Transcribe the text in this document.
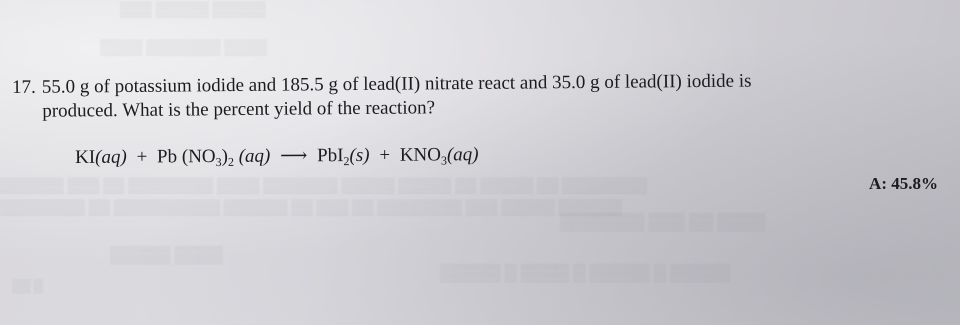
▒▒▒ ▒▒▒▒▒ ▒▒▒▒▒
▒▒▒▒ ▒▒▒▒▒▒▒ ▒▒▒▒
▒▒▒▒▒▒ ▒▒▒ ▒▒ ▒▒▒▒▒▒▒▒ ▒▒▒▒ ▒▒▒▒▒▒▒ ▒▒▒▒▒ ▒▒▒▒▒ ▒▒ ▒▒▒▒▒ ▒▒ ▒▒▒▒▒▒▒▒
▒▒▒▒▒▒▒▒ ▒▒ ▒▒▒▒▒▒▒▒▒▒ ▒▒▒▒▒▒ ▒▒ ▒▒▒ ▒▒ ▒▒▒▒▒▒▒▒ ▒▒▒ ▒▒▒▒▒ ▒▒▒▒▒▒
▒▒▒▒▒ ▒▒▒▒
▒▒▒▒▒▒▒ ▒▒▒ ▒▒ ▒▒▒▒
▒▒▒▒▒ ▒ ▒▒▒▒ ▒ ▒▒▒▒▒ ▒ ▒▒▒▒▒
▒▒ ▒
17. 55.0 g of potassium iodide and 185.5 g of lead(II) nitrate react and 35.0 g of lead(II) iodide is
produced. What is the percent yield of the reaction?
KI(aq) + Pb $(NO_3)_2$ (aq) ⟶ $PbI_2(s) + KNO_3(aq)$
A: 45.8%
